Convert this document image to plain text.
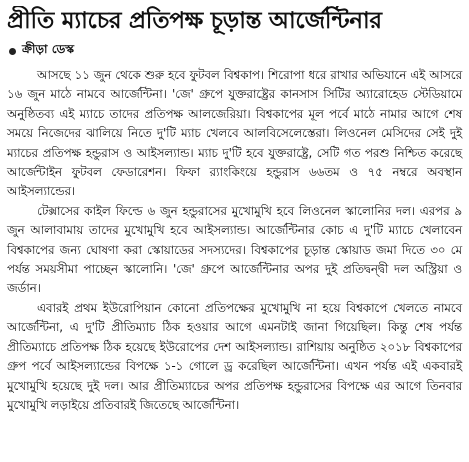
প্রীতি ম্যাচের প্রতিপক্ষ চূড়ান্ত আর্জেন্টিনার
ক্রীড়া ডেস্ক

আসছে ১১ জুন থেকে শুরু হবে ফুটবল বিশ্বকাপ। শিরোপা ধরে রাখার অভিযানে এই আসরে ১৬ জুন মাঠে নামবে আর্জেন্টিনা। 'জে' গ্রুপে যুক্তরাষ্ট্রের কানসাস সিটির অ্যারোহেড স্টেডিয়ামে অনুষ্ঠিতব্য এই ম্যাচে তাদের প্রতিপক্ষ আলজেরিয়া। বিশ্বকাপের মূল পর্বে মাঠে নামার আগে শেষ সময়ে নিজেদের ঝালিয়ে নিতে দু'টি ম্যাচ খেলবে আলবিসেলেস্তেরা। লিওনেল মেসিদের সেই দুই ম্যাচের প্রতিপক্ষ হন্ডুরাস ও আইসল্যান্ড। ম্যাচ দু'টি হবে যুক্তরাষ্ট্রে, সেটি গত পরশু নিশ্চিত করেছে আর্জেন্টাইন ফুটবল ফেডারেশন। ফিফা র‍্যাংকিংয়ে হন্ডুরাস ৬৬তম ও ৭৫ নম্বরে অবস্থান আইসল্যান্ডের।

টেক্সাসের কাইল ফিল্ডে ৬ জুন হন্ডুরাসের মুখোমুখি হবে লিওনেল স্কালোনির দল। এরপর ৯ জুন আলাবামায় তাদের মুখোমুখি হবে আইসল্যান্ড। আর্জেন্টিনার কোচ এ দু'টি ম্যাচে খেলাবেন বিশ্বকাপের জন্য ঘোষণা করা স্কোয়াডের সদস্যদের। বিশ্বকাপের চূড়ান্ত স্কোয়াড জমা দিতে ৩০ মে পর্যন্ত সময়সীমা পাচ্ছেন স্কালোনি। 'জে' গ্রুপে আর্জেন্টিনার অপর দুই প্রতিদ্বন্দ্বী দল অস্ট্রিয়া ও জর্ডান।

এবারই প্রথম ইউরোপিয়ান কোনো প্রতিপক্ষের মুখোমুখি না হয়ে বিশ্বকাপে খেলতে নামবে আর্জেন্টিনা, এ দু'টি প্রীতিম্যাচ ঠিক হওয়ার আগে এমনটাই জানা গিয়েছিল। কিন্তু শেষ পর্যন্ত প্রীতিম্যাচে প্রতিপক্ষ ঠিক হয়েছে ইউরোপের দেশ আইসল্যান্ড। রাশিয়ায় অনুষ্ঠিত ২০১৮ বিশ্বকাপের গ্রুপ পর্বে আইসল্যান্ডের বিপক্ষে ১-১ গোলে ড্র করেছিল আর্জেন্টিনা। এখন পর্যন্ত এই একবারই মুখোমুখি হয়েছে দুই দল। আর প্রীতিম্যাচের অপর প্রতিপক্ষ হন্ডুরাসের বিপক্ষে এর আগে তিনবার মুখোমুখি লড়াইয়ে প্রতিবারই জিতেছে আর্জেন্টিনা।
